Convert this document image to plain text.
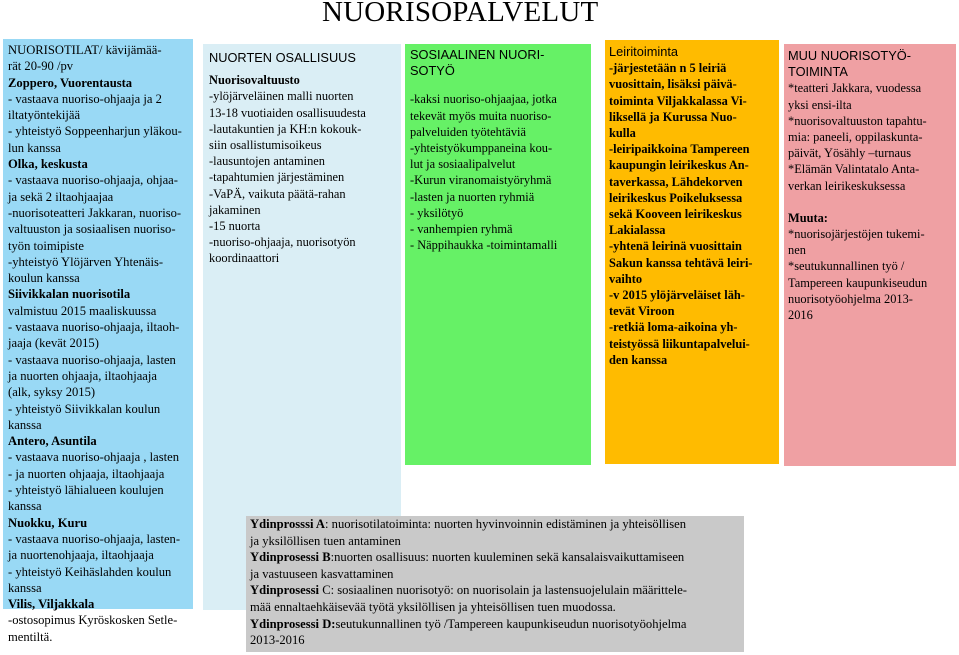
NUORISOPALVELUT
NUORISOTILAT/ kävijämää-
rät 20-90 /pv
Zoppero, Vuorentausta
- vastaava nuoriso-ohjaaja ja 2
iltatyöntekijää
- yhteistyö Soppeenharjun yläkou-
lun kanssa
Olka, keskusta
- vastaava nuoriso-ohjaaja, ohjaa-
ja sekä 2 iltaohjaajaa
-nuorisoteatteri Jakkaran, nuoriso-
valtuuston ja sosiaalisen nuoriso-
työn toimipiste
-yhteistyö Ylöjärven Yhtenäis-
koulun kanssa
Siivikkalan nuorisotila
valmistuu 2015 maaliskuussa
- vastaava nuoriso-ohjaaja, iltaoh-
jaaja (kevät 2015)
- vastaava nuoriso-ohjaaja, lasten
ja nuorten ohjaaja, iltaohjaaja
(alk, syksy 2015)
- yhteistyö Siivikkalan koulun
kanssa
Antero, Asuntila
- vastaava nuoriso-ohjaaja , lasten
- ja nuorten ohjaaja, iltaohjaaja
- yhteistyö lähialueen koulujen
kanssa
Nuokku, Kuru
- vastaava nuoriso-ohjaaja, lasten-
ja nuortenohjaaja, iltaohjaaja
- yhteistyö Keihäslahden koulun
kanssa
Vilis, Viljakkala
-ostosopimus Kyröskosken Setle-
mentiltä.
NUORTEN OSALLISUUS
Nuorisovaltuusto
-ylöjärveläinen malli nuorten
13-18 vuotiaiden osallisuudesta
-lautakuntien ja KH:n kokouk-
siin osallistumisoikeus
-lausuntojen antaminen
-tapahtumien järjestäminen
-VaPÄ, vaikuta päätä-rahan
jakaminen
-15 nuorta
-nuoriso-ohjaaja, nuorisotyön
koordinaattori
SOSIAALINEN NUORI-
SOTYÖ
-kaksi nuoriso-ohjaajaa, jotka
tekevät myös muita nuoriso-
palveluiden työtehtäviä
-yhteistyökumppaneina kou-
lut ja sosiaalipalvelut
-Kurun viranomaistyöryhmä
-lasten ja nuorten ryhmiä
- yksilötyö
- vanhempien ryhmä
- Näppihaukka -toimintamalli
Leiritoiminta
-järjestetään n 5 leiriä
vuosittain, lisäksi päivä-
toiminta Viljakkalassa Vi-
liksellä ja Kurussa Nuo-
kulla
-leiripaikkoina Tampereen
kaupungin leirikeskus An-
taverkassa, Lähdekorven
leirikeskus Poikeluksessa
sekä Kooveen leirikeskus
Lakialassa
-yhtenä leirinä vuosittain
Sakun kanssa tehtävä leiri-
vaihto
-v 2015 ylöjärveläiset läh-
tevät Viroon
-retkiä loma-aikoina yh-
teistyössä liikuntapalvelui-
den kanssa
MUU NUORISOTYÖ-
TOIMINTA
*teatteri Jakkara, vuodessa
yksi ensi-ilta
*nuorisovaltuuston tapahtu-
mia: paneeli, oppilaskunta-
päivät, Yösähly –turnaus
*Elämän Valintatalo Anta-
verkan leirikeskuksessa
Muuta:
*nuorisojärjestöjen tukemi-
nen
*seutukunnallinen työ /
Tampereen kaupunkiseudun
nuorisotyöohjelma 2013-
2016
Ydinprosssi A: nuorisotilatoiminta: nuorten hyvinvoinnin edistäminen ja yhteisöllisen
ja yksilöllisen tuen antaminen
Ydinprosessi B:nuorten osallisuus: nuorten kuuleminen sekä kansalaisvaikuttamiseen
ja vastuuseen kasvattaminen
Ydinprosessi C: sosiaalinen nuorisotyö: on nuorisolain ja lastensuojelulain määrittele-
mää ennaltaehkäisevää työtä yksilöllisen ja yhteisöllisen tuen muodossa.
Ydinprosessi D:seutukunnallinen työ /Tampereen kaupunkiseudun nuorisotyöohjelma
2013-2016
